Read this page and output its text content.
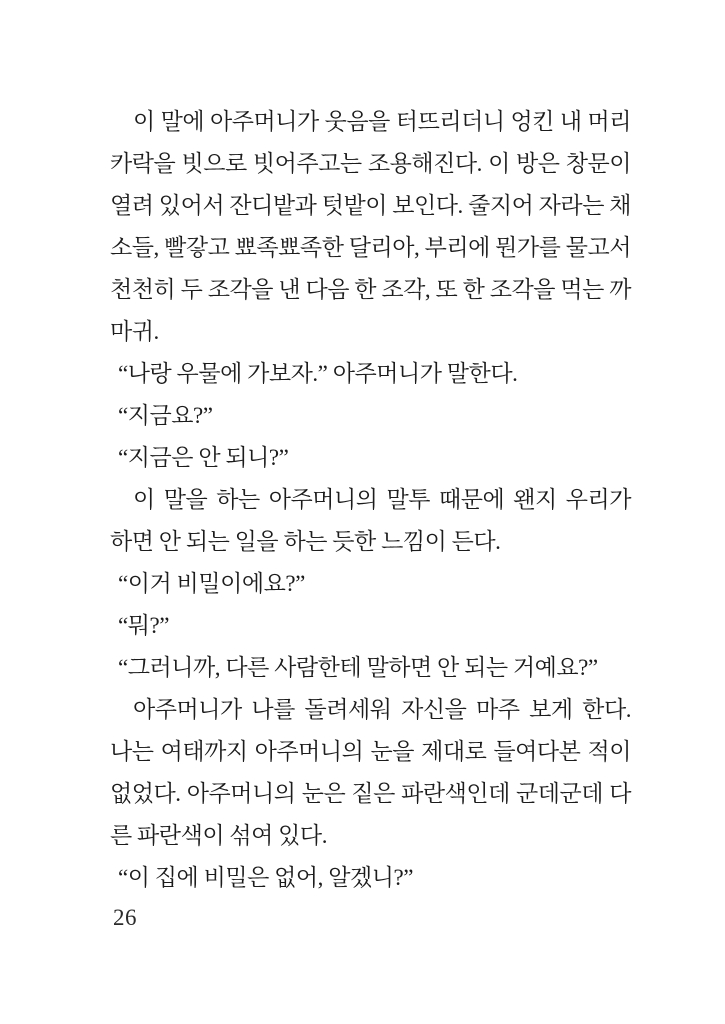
이 말에 아주머니가 웃음을 터뜨리더니 엉킨 내 머리카락을 빗으로 빗어주고는 조용해진다. 이 방은 창문이 열려 있어서 잔디밭과 텃밭이 보인다. 줄지어 자라는 채소들, 빨갛고 뾰족뾰족한 달리아, 부리에 뭔가를 물고서 천천히 두 조각을 낸 다음 한 조각, 또 한 조각을 먹는 까마귀.

“나랑 우물에 가보자.” 아주머니가 말한다.

“지금요?”

“지금은 안 되니?”

이 말을 하는 아주머니의 말투 때문에 왠지 우리가 하면 안 되는 일을 하는 듯한 느낌이 든다.

“이거 비밀이에요?”

“뭐?”

“그러니까, 다른 사람한테 말하면 안 되는 거예요?”

아주머니가 나를 돌려세워 자신을 마주 보게 한다. 나는 여태까지 아주머니의 눈을 제대로 들여다본 적이 없었다. 아주머니의 눈은 짙은 파란색인데 군데군데 다른 파란색이 섞여 있다.

“이 집에 비밀은 없어, 알겠니?”

26
